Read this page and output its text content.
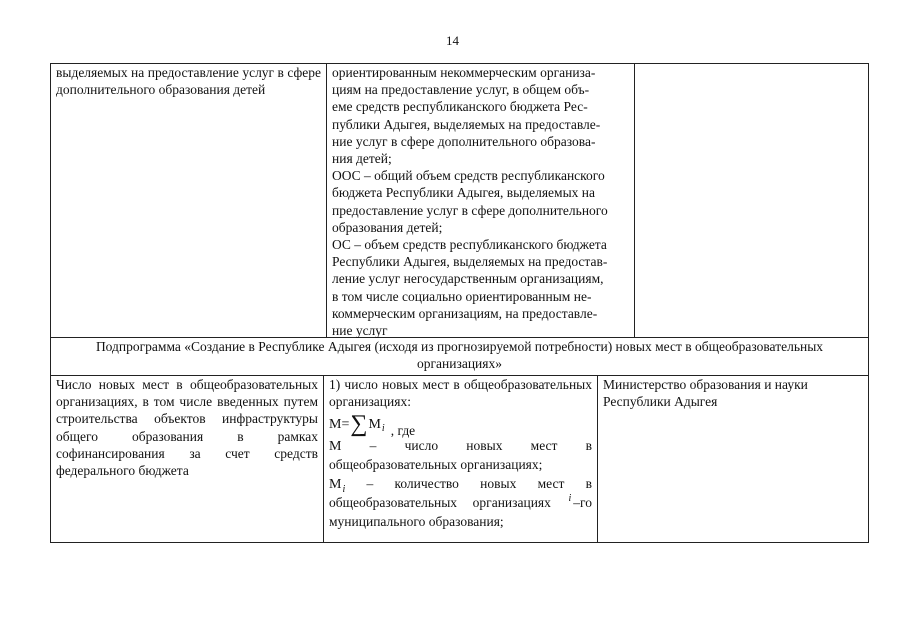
14
выделяемых на предоставление услуг в сфере дополнительного образования детей
ориентированным некоммерческим организа-
циям на предоставление услуг, в общем объ-
еме средств республиканского бюджета Рес-
публики Адыгея, выделяемых на предоставле-
ние услуг в сфере дополнительного образова-
ния детей;
ООС – общий объем средств республиканского
бюджета Республики Адыгея, выделяемых на
предоставление услуг в сфере дополнительного
образования детей;
ОС – объем средств республиканского бюджета
Республики Адыгея, выделяемых на предостав-
ление услуг негосударственным организациям,
в том числе социально ориентированным не-
коммерческим организациям, на предоставле-
ние услуг
Подпрограмма «Создание в Республике Адыгея (исходя из прогнозируемой потребности) новых мест в общеобразовательных организациях»
Число новых мест в общеобразовательных организациях, в том числе введенных путем строительства объектов инфраструктуры общего образования в рамках софинансирования за счет средств федерального бюджета
1) число новых мест в общеобразовательных организациях:
M = ∑ M i , где
M – число новых мест в общеобразовательных организациях;
$M_i$ – количество новых мест в общеобразовательных организациях $^i$ –го муниципального образования;
Министерство образования и науки Республики Адыгея
